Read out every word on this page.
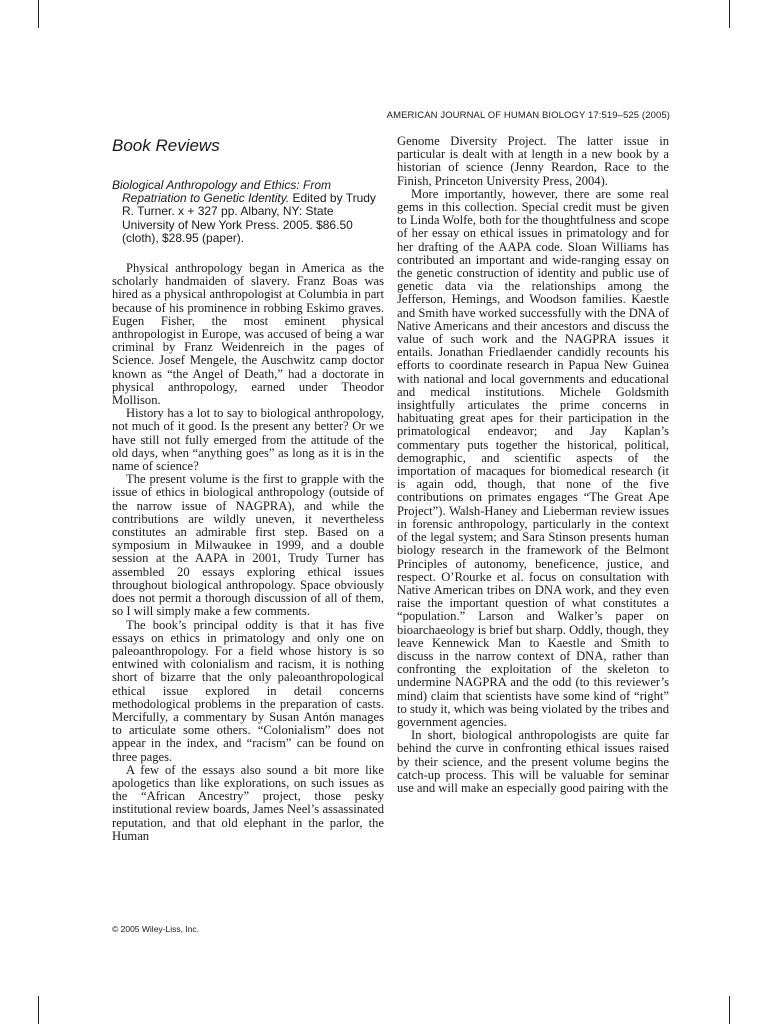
AMERICAN JOURNAL OF HUMAN BIOLOGY 17:519–525 (2005)
Book Reviews
Biological Anthropology and Ethics: From Repatriation to Genetic Identity. Edited by Trudy R. Turner. x + 327 pp. Albany, NY: State University of New York Press. 2005. $86.50 (cloth), $28.95 (paper).

Physical anthropology began in America as the scholarly handmaiden of slavery. Franz Boas was hired as a physical anthropologist at Columbia in part because of his prominence in robbing Eskimo graves. Eugen Fisher, the most eminent physical anthropologist in Europe, was accused of being a war criminal by Franz Weidenreich in the pages of Science. Josef Mengele, the Auschwitz camp doctor known as “the Angel of Death,” had a doctorate in physical anthropology, earned under Theodor Mollison.

History has a lot to say to biological anthropology, not much of it good. Is the present any better? Or we have still not fully emerged from the attitude of the old days, when “anything goes” as long as it is in the name of science?

The present volume is the first to grapple with the issue of ethics in biological anthropology (outside of the narrow issue of NAGPRA), and while the contributions are wildly uneven, it nevertheless constitutes an admirable first step. Based on a symposium in Milwaukee in 1999, and a double session at the AAPA in 2001, Trudy Turner has assembled 20 essays exploring ethical issues throughout biological anthropology. Space obviously does not permit a thorough discussion of all of them, so I will simply make a few comments.

The book’s principal oddity is that it has five essays on ethics in primatology and only one on paleoanthropology. For a field whose history is so entwined with colonialism and racism, it is nothing short of bizarre that the only paleoanthropological ethical issue explored in detail concerns methodological problems in the preparation of casts. Mercifully, a commentary by Susan Antón manages to articulate some others. “Colonialism” does not appear in the index, and “racism” can be found on three pages.

A few of the essays also sound a bit more like apologetics than like explorations, on such issues as the “African Ancestry” project, those pesky institutional review boards, James Neel’s assassinated reputation, and that old elephant in the parlor, the Human

Genome Diversity Project. The latter issue in particular is dealt with at length in a new book by a historian of science (Jenny Reardon, Race to the Finish, Princeton University Press, 2004).

More importantly, however, there are some real gems in this collection. Special credit must be given to Linda Wolfe, both for the thoughtfulness and scope of her essay on ethical issues in primatology and for her drafting of the AAPA code. Sloan Williams has contributed an important and wide-ranging essay on the genetic construction of identity and public use of genetic data via the relationships among the Jefferson, Hemings, and Woodson families. Kaestle and Smith have worked successfully with the DNA of Native Americans and their ancestors and discuss the value of such work and the NAGPRA issues it entails. Jonathan Friedlaender candidly recounts his efforts to coordinate research in Papua New Guinea with national and local governments and educational and medical institutions. Michele Goldsmith insightfully articulates the prime concerns in habituating great apes for their participation in the primatological endeavor; and Jay Kaplan’s commentary puts together the historical, political, demographic, and scientific aspects of the importation of macaques for biomedical research (it is again odd, though, that none of the five contributions on primates engages “The Great Ape Project”). Walsh-Haney and Lieberman review issues in forensic anthropology, particularly in the context of the legal system; and Sara Stinson presents human biology research in the framework of the Belmont Principles of autonomy, beneficence, justice, and respect. O’Rourke et al. focus on consultation with Native American tribes on DNA work, and they even raise the important question of what constitutes a “population.” Larson and Walker’s paper on bioarchaeology is brief but sharp. Oddly, though, they leave Kennewick Man to Kaestle and Smith to discuss in the narrow context of DNA, rather than confronting the exploitation of the skeleton to undermine NAGPRA and the odd (to this reviewer’s mind) claim that scientists have some kind of “right” to study it, which was being violated by the tribes and government agencies.

In short, biological anthropologists are quite far behind the curve in confronting ethical issues raised by their science, and the present volume begins the catch-up process. This will be valuable for seminar use and will make an especially good pairing with the

© 2005 Wiley-Liss, Inc.
